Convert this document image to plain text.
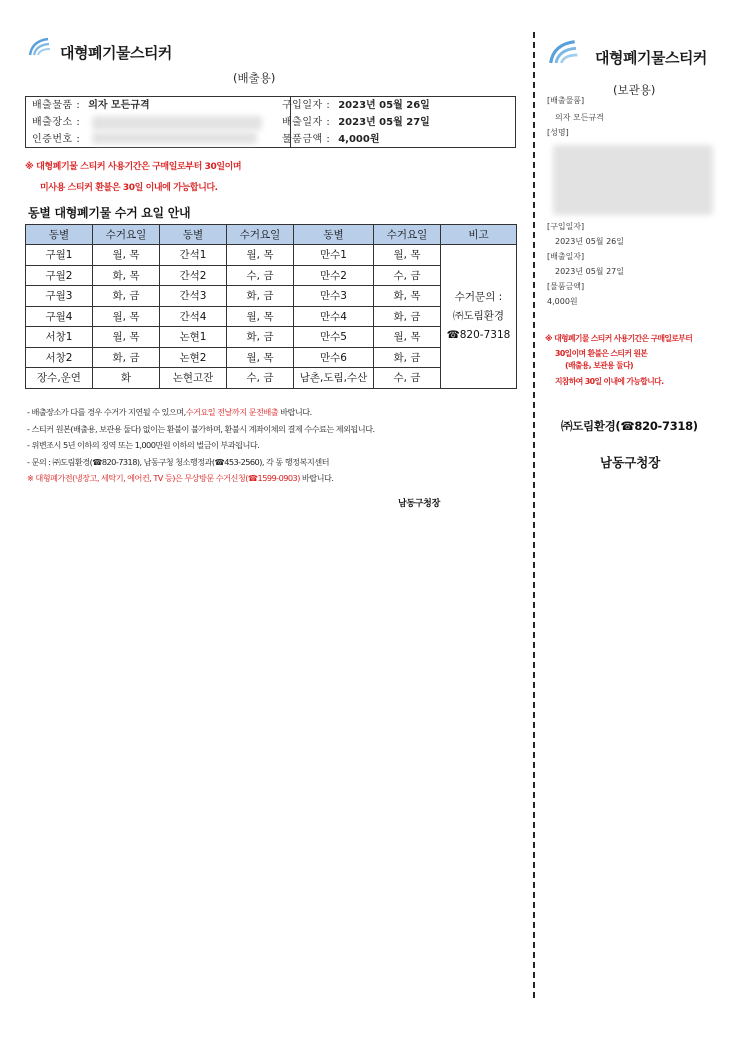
대형폐기물스티커
(배출용)
배출물품 : 의자 모든규격
배출장소 :
인증번호 :
구입일자 : 2023년 05월 26일
배출일자 : 2023년 05월 27일
물품금액 : 4,000원
※ 대형폐기물 스티커 사용기간은 구매일로부터 30일이며
미사용 스티커 환불은 30일 이내에 가능합니다.
동별 대형폐기물 수거 요일 안내
동별	수거요일	동별	수거요일	동별	수거요일	비고
구월1	월, 목	간석1	월, 목	만수1	월, 목	수거문의 :
㈜도림환경
☎820-7318

구월2	화, 목	간석2	수, 금	만수2	수, 금	
구월3	화, 금	간석3	화, 금	만수3	화, 목	
구월4	월, 목	간석4	월, 목	만수4	화, 금	
서창1	월, 목	논현1	화, 금	만수5	월, 목	
서창2	화, 금	논현2	월, 목	만수6	화, 금	
장수,운연	화	논현고잔	수, 금	남촌,도림,수산	수, 금	
- 배출장소가 다를 경우 수거가 지연될 수 있으며,수거요일 전날까지 문전배출 바랍니다.
- 스티커 원본(배출용, 보관용 둘다) 없이는 환불이 불가하며, 환불시 계좌이체의 결제 수수료는 제외됩니다.
- 위변조시 5년 이하의 징역 또는 1,000만원 이하의 벌금이 부과됩니다.
- 문의 : ㈜도림환경(☎820-7318), 남동구청 청소행정과(☎453-2560), 각 동 행정복지센터
※ 대형폐가전(냉장고, 세탁기, 에어컨, TV 등)은 무상방문 수거신청(☎1599-0903) 바랍니다.
남동구청장
대형폐기물스티커
(보관용)
[배출물품]
의자 모든규격
[성명]
[구입일자]
2023년 05월 26일
[배출일자]
2023년 05월 27일
[물품금액]
4,000원
※ 대형폐기물 스티커 사용기간은 구매일로부터
30일이며 환불은 스티커 원본
(배출용, 보관용 둘다)
지참하여 30일 이내에 가능합니다.
㈜도림환경(☎820-7318)
남동구청장
